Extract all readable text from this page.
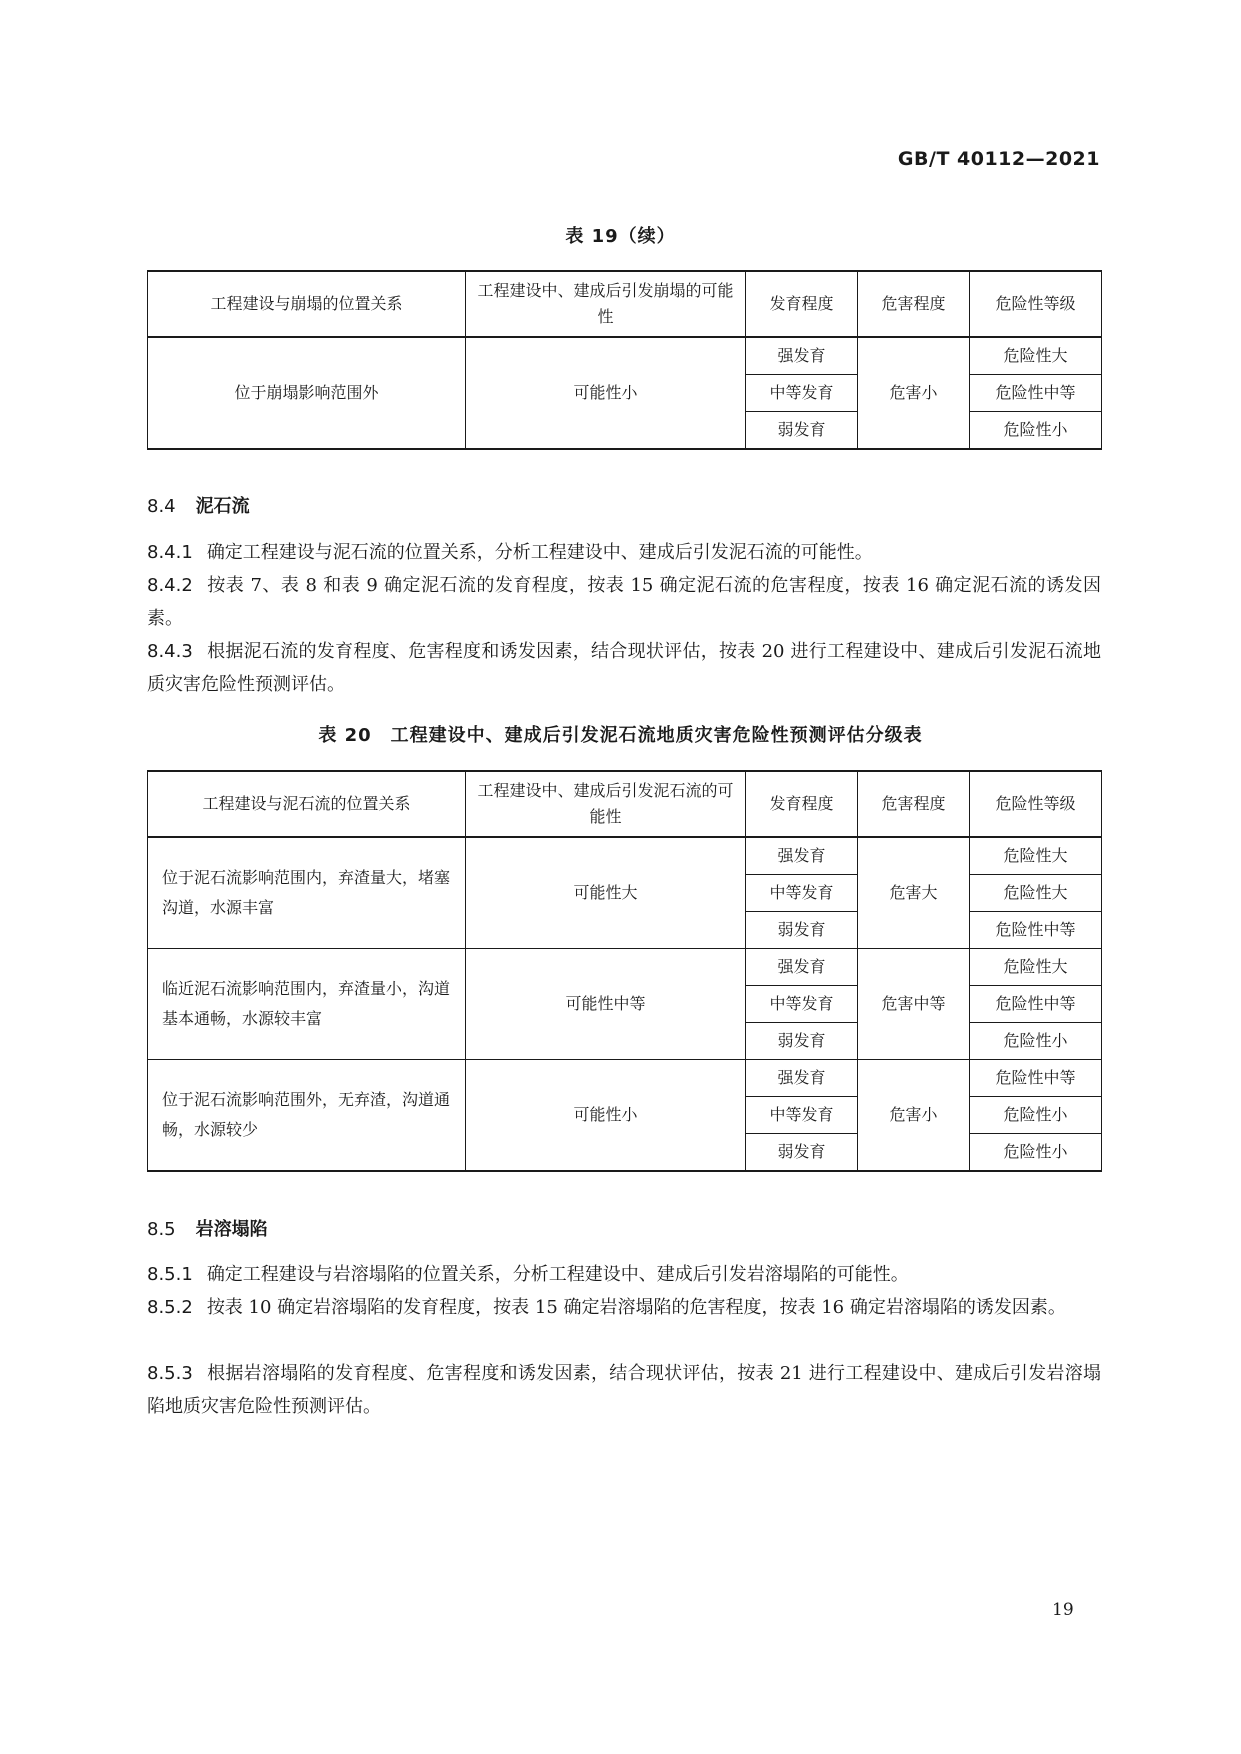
GB/T 40112—2021
表 19（续）
工程建设与崩塌的位置关系	工程建设中、建成后引发崩塌的可能性	发育程度	危害程度	危险性等级
位于崩塌影响范围外	可能性小	强发育	危害小	危险性大
		中等发育		危险性中等
		弱发育		危险性小
8.4 泥石流
8.4.1 确定工程建设与泥石流的位置关系，分析工程建设中、建成后引发泥石流的可能性。
8.4.2 按表 7、表 8 和表 9 确定泥石流的发育程度，按表 15 确定泥石流的危害程度，按表 16 确定泥石流的诱发因素。
8.4.3 根据泥石流的发育程度、危害程度和诱发因素，结合现状评估，按表 20 进行工程建设中、建成后引发泥石流地质灾害危险性预测评估。
表 20　工程建设中、建成后引发泥石流地质灾害危险性预测评估分级表
工程建设与泥石流的位置关系	工程建设中、建成后引发泥石流的可能性	发育程度	危害程度	危险性等级
位于泥石流影响范围内，弃渣量大，堵塞沟道，水源丰富	可能性大	强发育	危害大	危险性大
		中等发育		危险性大
		弱发育		危险性中等
临近泥石流影响范围内，弃渣量小，沟道基本通畅，水源较丰富	可能性中等	强发育	危害中等	危险性大
		中等发育		危险性中等
		弱发育		危险性小
位于泥石流影响范围外，无弃渣，沟道通畅，水源较少	可能性小	强发育	危害小	危险性中等
		中等发育		危险性小
		弱发育		危险性小
8.5 岩溶塌陷
8.5.1 确定工程建设与岩溶塌陷的位置关系，分析工程建设中、建成后引发岩溶塌陷的可能性。
8.5.2 按表 10 确定岩溶塌陷的发育程度，按表 15 确定岩溶塌陷的危害程度，按表 16 确定岩溶塌陷的诱发因素。
8.5.3 根据岩溶塌陷的发育程度、危害程度和诱发因素，结合现状评估，按表 21 进行工程建设中、建成后引发岩溶塌陷地质灾害危险性预测评估。
19
